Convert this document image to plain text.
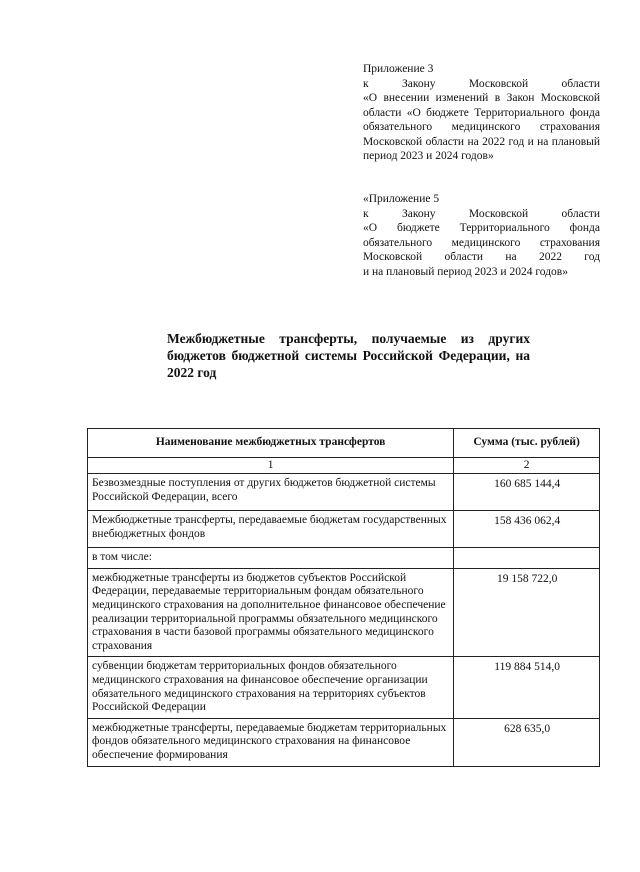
Приложение 3

к Закону Московской области

«О внесении изменений в Закон Московской области «О бюджете Территориального фонда обязательного медицинского страхования Московской области на 2022 год и на плановый период 2023 и 2024 годов»

«Приложение 5

к Закону Московской области

«О бюджете Территориального фонда обязательного медицинского страхования Московской области на 2022 год

и на плановый период 2023 и 2024 годов»

Межбюджетные трансферты, получаемые из других бюджетов бюджетной системы Российской Федерации, на 2022 год
Наименование межбюджетных трансфертов	Сумма (тыс. рублей)
1	2
Безвозмездные поступления от других бюджетов бюджетной системы Российской Федерации, всего	160 685 144,4
Межбюджетные трансферты, передаваемые бюджетам государственных внебюджетных фондов	158 436 062,4
в том числе:	
межбюджетные трансферты из бюджетов субъектов Российской Федерации, передаваемые территориальным фондам обязательного медицинского страхования на дополнительное финансовое обеспечение реализации территориальной программы обязательного медицинского страхования в части базовой программы обязательного медицинского страхования	19 158 722,0
субвенции бюджетам территориальных фондов обязательного медицинского страхования на финансовое обеспечение организации обязательного медицинского страхования на территориях субъектов Российской Федерации	119 884 514,0
межбюджетные трансферты, передаваемые бюджетам территориальных фондов обязательного медицинского страхования на финансовое обеспечение формирования	628 635,0
